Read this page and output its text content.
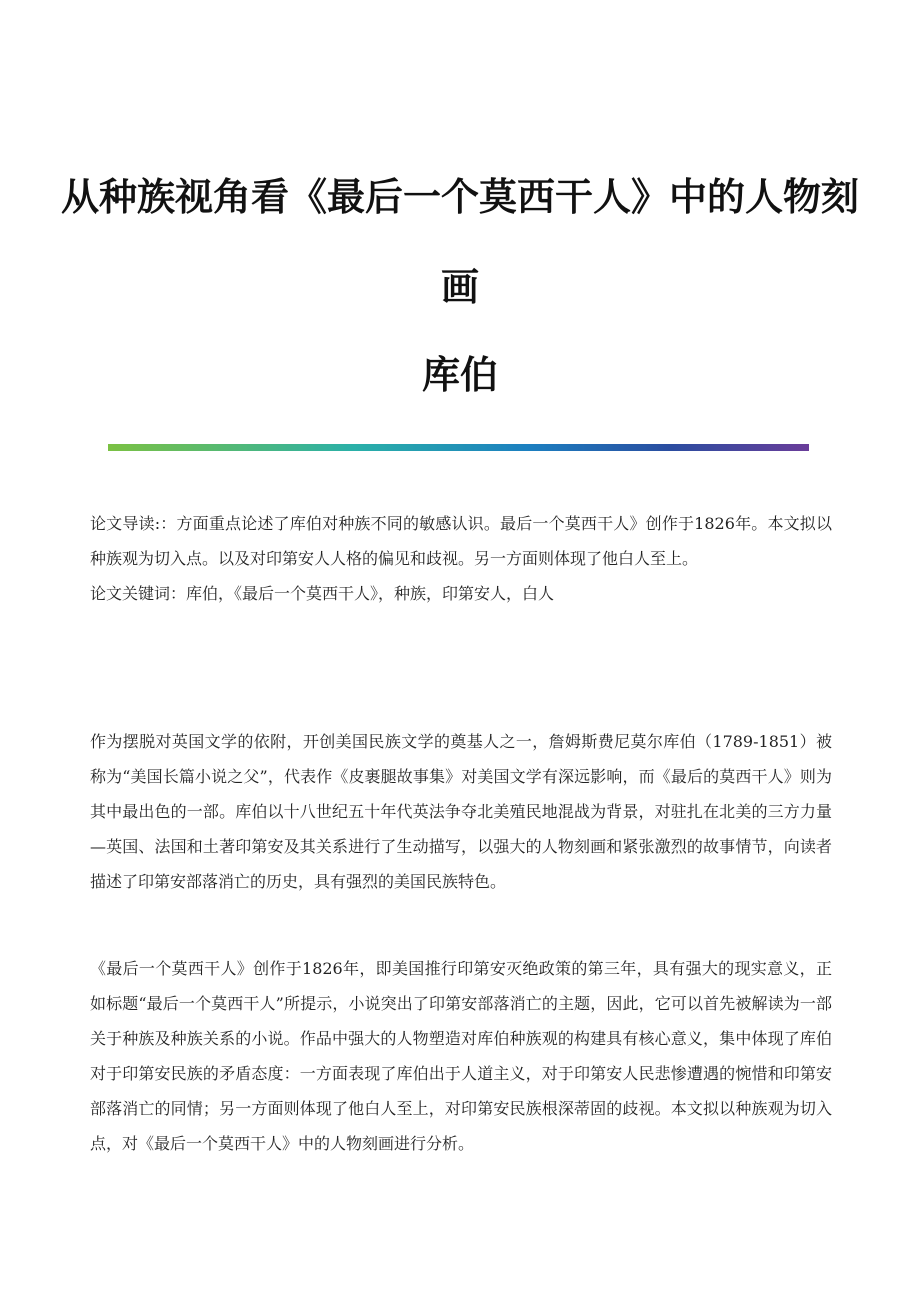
从种族视角看《最后一个莫西干人》中的人物刻画
库伯

论文导读:：方面重点论述了库伯对种族不同的敏感认识。最后一个莫西干人》创作于1826年。本文拟以种族观为切入点。以及对印第安人人格的偏见和歧视。另一方面则体现了他白人至上。

论文关键词：库伯，《最后一个莫西干人》，种族，印第安人，白人

作为摆脱对英国文学的依附，开创美国民族文学的奠基人之一，詹姆斯费尼莫尔库伯（1789-1851）被称为“美国长篇小说之父”，代表作《皮裹腿故事集》对美国文学有深远影响，而《最后的莫西干人》则为其中最出色的一部。库伯以十八世纪五十年代英法争夺北美殖民地混战为背景，对驻扎在北美的三方力量—英国、法国和土著印第安及其关系进行了生动描写，以强大的人物刻画和紧张激烈的故事情节，向读者描述了印第安部落消亡的历史，具有强烈的美国民族特色。

《最后一个莫西干人》创作于1826年，即美国推行印第安灭绝政策的第三年，具有强大的现实意义，正如标题“最后一个莫西干人”所提示，小说突出了印第安部落消亡的主题，因此，它可以首先被解读为一部关于种族及种族关系的小说。作品中强大的人物塑造对库伯种族观的构建具有核心意义，集中体现了库伯对于印第安民族的矛盾态度：一方面表现了库伯出于人道主义，对于印第安人民悲惨遭遇的惋惜和印第安部落消亡的同情；另一方面则体现了他白人至上，对印第安民族根深蒂固的歧视。本文拟以种族观为切入点，对《最后一个莫西干人》中的人物刻画进行分析。
